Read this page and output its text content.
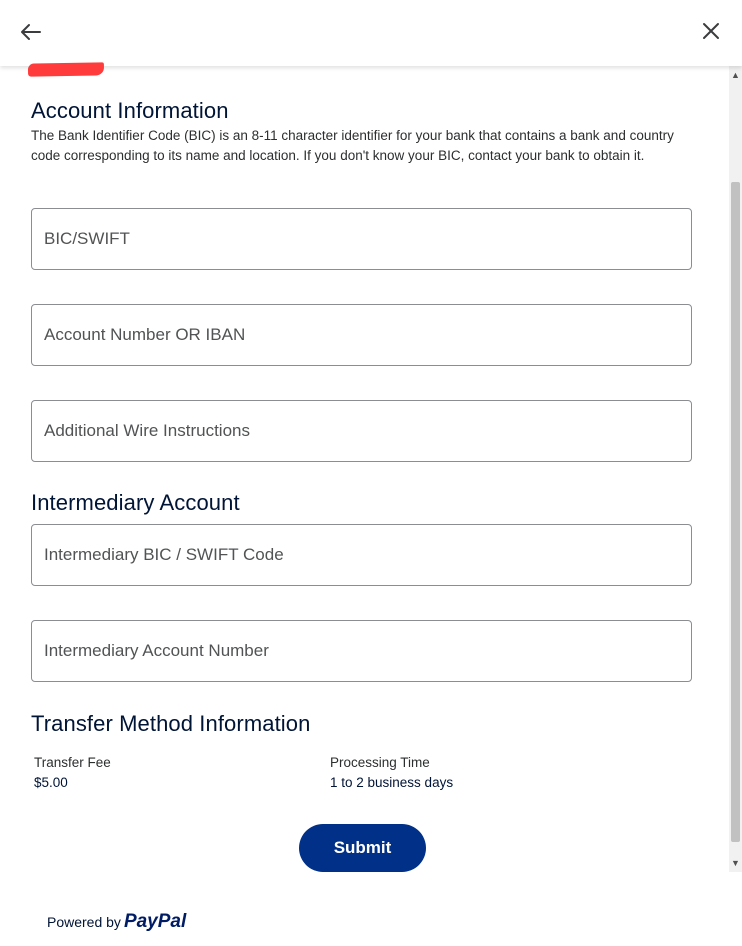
Account Information

The Bank Identifier Code (BIC) is an 8-11 character identifier for your bank that contains a bank and country code corresponding to its name and location. If you don't know your BIC, contact your bank to obtain it.

BIC/SWIFT
Account Number OR IBAN
Additional Wire Instructions
Intermediary Account
Intermediary BIC / SWIFT Code
Intermediary Account Number
Transfer Method Information
Transfer Fee
$5.00
Processing Time
1 to 2 business days
Submit
Powered by PayPal
▲
▼
